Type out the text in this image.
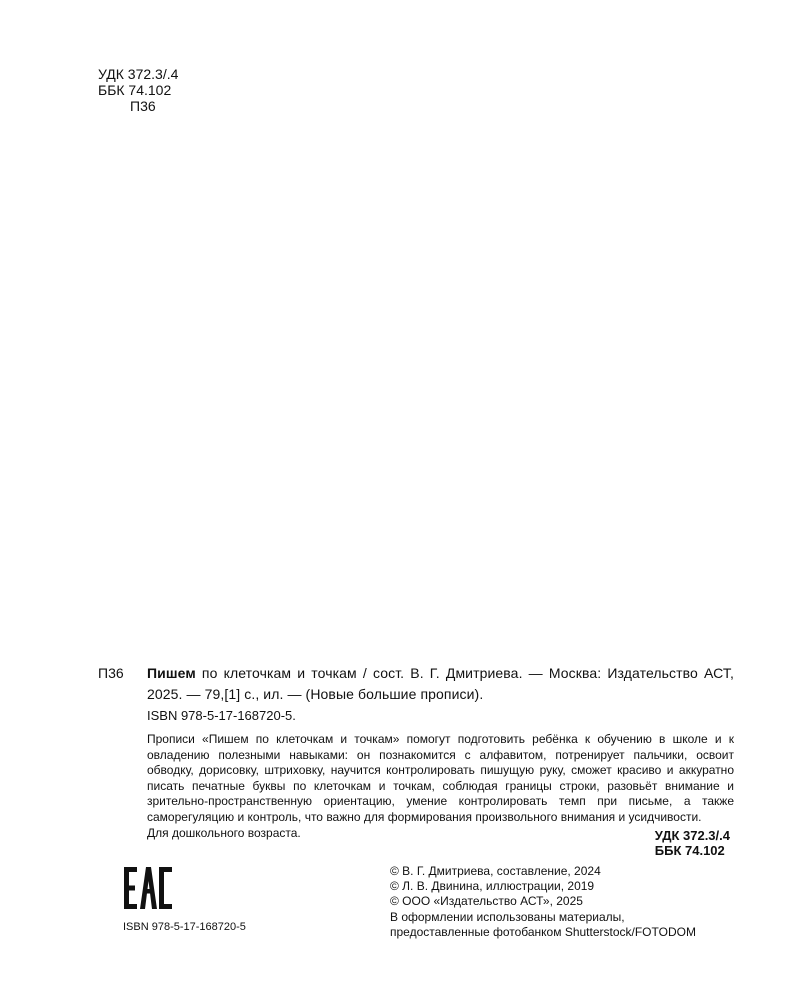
УДК 372.3/.4
ББК 74.102
П36
П36 Пишем по клеточкам и точкам / сост. В. Г. Дмитриева. — Москва: Издательство АСТ, 2025. — 79,[1] с., ил. — (Новые большие прописи).
ISBN 978-5-17-168720-5.
Прописи «Пишем по клеточкам и точкам» помогут подготовить ребёнка к обучению в школе и к овладению полезными навыками: он познакомится с алфавитом, потренирует пальчики, освоит обводку, дорисовку, штриховку, научится контролировать пишущую руку, сможет красиво и аккуратно писать печатные буквы по клеточкам и точкам, соблюдая границы строки, разовьёт внимание и зрительно-пространственную ориентацию, умение контролировать темп при письме, а также саморегуляцию и контроль, что важно для формирования произвольного внимания и усидчивости.
Для дошкольного возраста.	УДК 372.3/.4
ББК 74.102
ISBN 978-5-17-168720-5
© В. Г. Дмитриева, составление, 2024
© Л. В. Двинина, иллюстрации, 2019
© ООО «Издательство АСТ», 2025
В оформлении использованы материалы,
предоставленные фотобанком Shutterstock/FOTODOM
